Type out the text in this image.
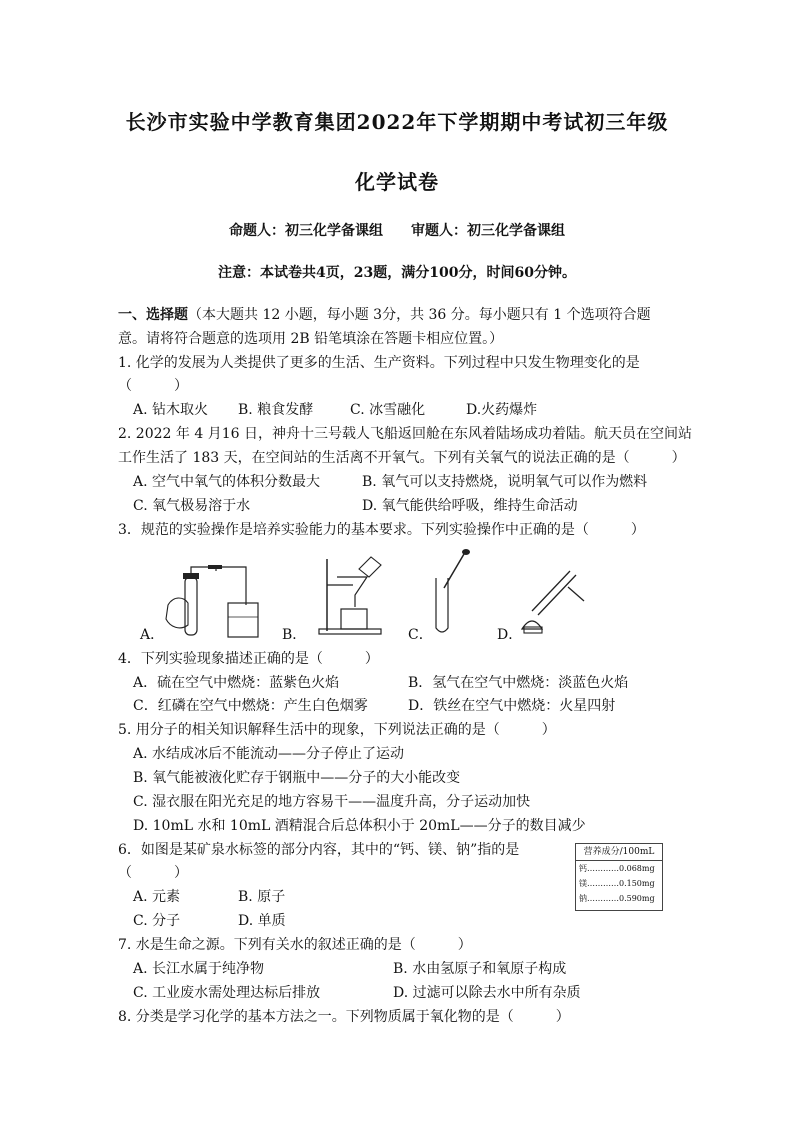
长沙市实验中学教育集团2022年下学期期中考试初三年级
化学试卷
命题人：初三化学备课组　　审题人：初三化学备课组
注意：本试卷共4页，23题，满分100分，时间60分钟。
一、选择题（本大题共 12 小题，每小题 3分，共 36 分。每小题只有 1 个选项符合题
意。请将符合题意的选项用 2B 铅笔填涂在答题卡相应位置。）
1. 化学的发展为人类提供了更多的生活、生产资料。下列过程中只发生物理变化的是
（　　　）
A. 钻木取火 B. 粮食发酵	C. 冰雪融化	D.火药爆炸
2. 2022 年 4 月16 日，神舟十三号载人飞船返回舱在东风着陆场成功着陆。航天员在空间站
工作生活了 183 天，在空间站的生活离不开氧气。下列有关氧气的说法正确的是（　　　）
A. 空气中氧气的体积分数最大	B. 氧气可以支持燃烧，说明氧气可以作为燃料
C. 氧气极易溶于水	D. 氧气能供给呼吸，维持生命活动
3．规范的实验操作是培养实验能力的基本要求。下列实验操作中正确的是（　　　）
A．	B．	C．	D．
4．下列实验现象描述正确的是（　　　）
A．硫在空气中燃烧：蓝紫色火焰	B．氢气在空气中燃烧：淡蓝色火焰
C．红磷在空气中燃烧：产生白色烟雾	D．铁丝在空气中燃烧：火星四射
5. 用分子的相关知识解释生活中的现象，下列说法正确的是（　　　）
A. 水结成冰后不能流动——分子停止了运动
B. 氧气能被液化贮存于钢瓶中——分子的大小能改变
C. 湿衣服在阳光充足的地方容易干——温度升高，分子运动加快
D. 10mL 水和 10mL 酒精混合后总体积小于 20mL——分子的数目减少
6．如图是某矿泉水标签的部分内容，其中的“钙、镁、钠”指的是
（　　　）
A. 元素	B. 原子
C. 分子	D. 单质
营养成分/100mL
钙…………0.068mg
镁…………0.150mg
钠…………0.590mg
7. 水是生命之源。下列有关水的叙述正确的是（　　　）
A. 长江水属于纯净物	B. 水由氢原子和氧原子构成
C. 工业废水需处理达标后排放	D. 过滤可以除去水中所有杂质
8. 分类是学习化学的基本方法之一。下列物质属于氧化物的是（　　　）
